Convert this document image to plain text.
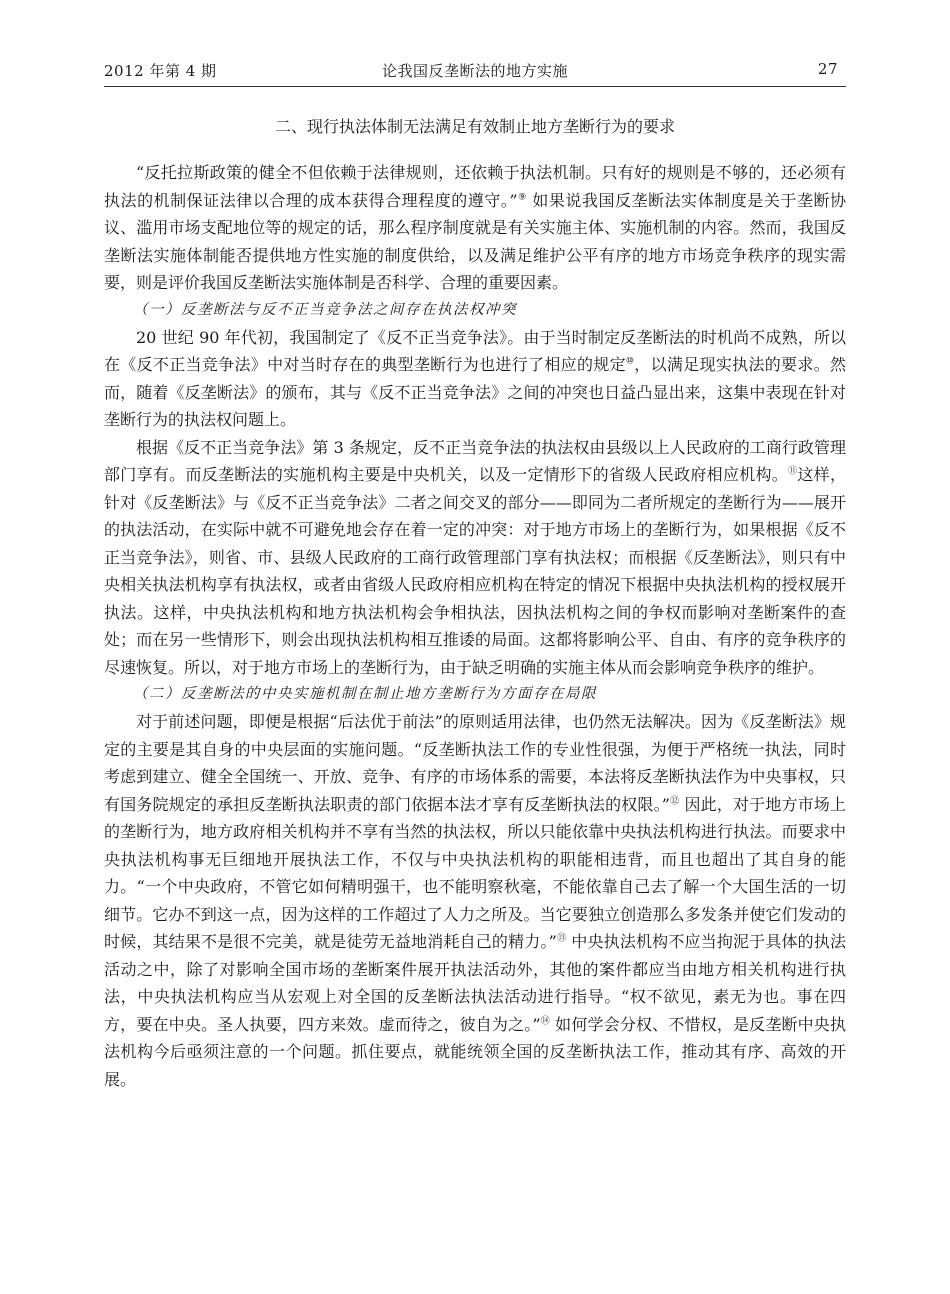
2012 年第 4 期	论我国反垄断法的地方实施	27
二、现行执法体制无法满足有效制止地方垄断行为的要求

“反托拉斯政策的健全不但依赖于法律规则，还依赖于执法机制。只有好的规则是不够的，还必须有执法的机制保证法律以合理的成本获得合理程度的遵守。”⑨ 如果说我国反垄断法实体制度是关于垄断协议、滥用市场支配地位等的规定的话，那么程序制度就是有关实施主体、实施机制的内容。然而，我国反垄断法实施体制能否提供地方性实施的制度供给，以及满足维护公平有序的地方市场竞争秩序的现实需要，则是评价我国反垄断法实施体制是否科学、合理的重要因素。

（一）反垄断法与反不正当竞争法之间存在执法权冲突

20 世纪 90 年代初，我国制定了《反不正当竞争法》。由于当时制定反垄断法的时机尚不成熟，所以在《反不正当竞争法》中对当时存在的典型垄断行为也进行了相应的规定⑩，以满足现实执法的要求。然而，随着《反垄断法》的颁布，其与《反不正当竞争法》之间的冲突也日益凸显出来，这集中表现在针对垄断行为的执法权问题上。

根据《反不正当竞争法》第 3 条规定，反不正当竞争法的执法权由县级以上人民政府的工商行政管理部门享有。而反垄断法的实施机构主要是中央机关，以及一定情形下的省级人民政府相应机构。⑪这样，针对《反垄断法》与《反不正当竞争法》二者之间交叉的部分——即同为二者所规定的垄断行为——展开的执法活动，在实际中就不可避免地会存在着一定的冲突：对于地方市场上的垄断行为，如果根据《反不正当竞争法》，则省、市、县级人民政府的工商行政管理部门享有执法权；而根据《反垄断法》，则只有中央相关执法机构享有执法权，或者由省级人民政府相应机构在特定的情况下根据中央执法机构的授权展开执法。这样，中央执法机构和地方执法机构会争相执法，因执法机构之间的争权而影响对垄断案件的查处；而在另一些情形下，则会出现执法机构相互推诿的局面。这都将影响公平、自由、有序的竞争秩序的尽速恢复。所以，对于地方市场上的垄断行为，由于缺乏明确的实施主体从而会影响竞争秩序的维护。

（二）反垄断法的中央实施机制在制止地方垄断行为方面存在局限

对于前述问题，即便是根据“后法优于前法”的原则适用法律，也仍然无法解决。因为《反垄断法》规定的主要是其自身的中央层面的实施问题。“反垄断执法工作的专业性很强，为便于严格统一执法，同时考虑到建立、健全全国统一、开放、竞争、有序的市场体系的需要，本法将反垄断执法作为中央事权，只有国务院规定的承担反垄断执法职责的部门依据本法才享有反垄断执法的权限。”⑫ 因此，对于地方市场上的垄断行为，地方政府相关机构并不享有当然的执法权，所以只能依靠中央执法机构进行执法。而要求中央执法机构事无巨细地开展执法工作，不仅与中央执法机构的职能相违背，而且也超出了其自身的能力。“一个中央政府，不管它如何精明强干，也不能明察秋毫，不能依靠自己去了解一个大国生活的一切细节。它办不到这一点，因为这样的工作超过了人力之所及。当它要独立创造那么多发条并使它们发动的时候，其结果不是很不完美，就是徒劳无益地消耗自己的精力。”⑬ 中央执法机构不应当拘泥于具体的执法活动之中，除了对影响全国市场的垄断案件展开执法活动外，其他的案件都应当由地方相关机构进行执法，中央执法机构应当从宏观上对全国的反垄断法执法活动进行指导。“权不欲见，素无为也。事在四方，要在中央。圣人执要，四方来效。虚而待之，彼自为之。”⑭ 如何学会分权、不惜权，是反垄断中央执法机构今后亟须注意的一个问题。抓住要点，就能统领全国的反垄断执法工作，推动其有序、高效的开展。
